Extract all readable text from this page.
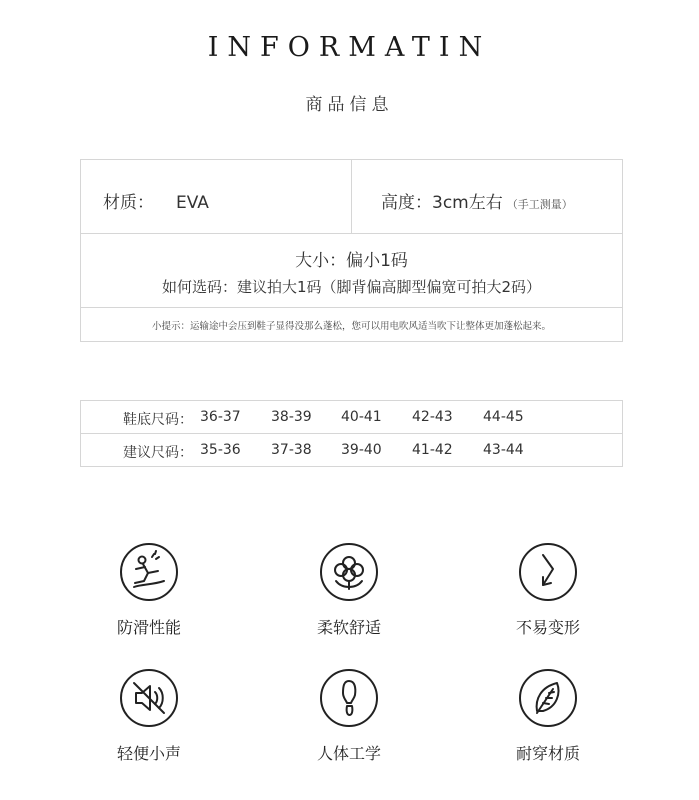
INFORMATIN
商品信息
材质： EVA	高度：3cm左右 （手工测量）
大小：偏小1码
如何选码：建议拍大1码（脚背偏高脚型偏宽可拍大2码）
小提示：运输途中会压到鞋子显得没那么蓬松，您可以用电吹风适当吹下让整体更加蓬松起来。
鞋底尺码： 36-37 38-39 40-41 42-43 44-45
建议尺码： 35-36 37-38 39-40 41-42 43-44
防滑性能	柔软舒适	不易变形
轻便小声	人体工学	耐穿材质
